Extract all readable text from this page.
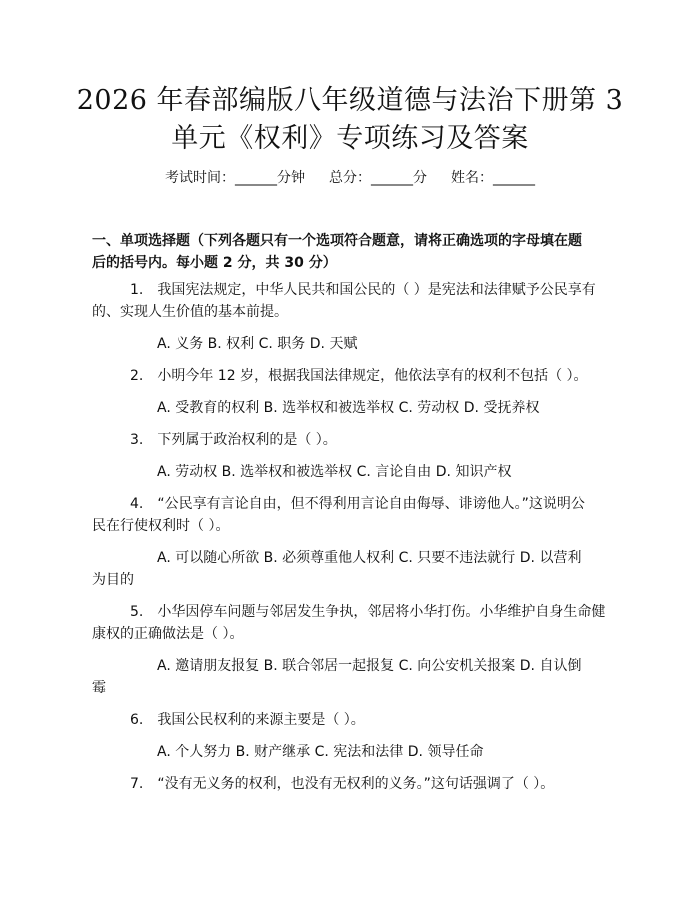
2026 年春部编版八年级道德与法治下册第 3
单元《权利》专项练习及答案
考试时间：______分钟 总分：______分 姓名：______
一、单项选择题（下列各题只有一个选项符合题意，请将正确选项的字母填在题
后的括号内。每小题 2 分，共 30 分）
1.　我国宪法规定，中华人民共和国公民的（ ）是宪法和法律赋予公民享有
的、实现人生价值的基本前提。
A. 义务 B. 权利 C. 职务 D. 天赋
2.　小明今年 12 岁，根据我国法律规定，他依法享有的权利不包括（ ）。
A. 受教育的权利 B. 选举权和被选举权 C. 劳动权 D. 受抚养权
3.　下列属于政治权利的是（ ）。
A. 劳动权 B. 选举权和被选举权 C. 言论自由 D. 知识产权
4.　“公民享有言论自由，但不得利用言论自由侮辱、诽谤他人。”这说明公
民在行使权利时（ ）。
A. 可以随心所欲 B. 必须尊重他人权利 C. 只要不违法就行 D. 以营利
为目的
5.　小华因停车问题与邻居发生争执，邻居将小华打伤。小华维护自身生命健
康权的正确做法是（ ）。
A. 邀请朋友报复 B. 联合邻居一起报复 C. 向公安机关报案 D. 自认倒
霉
6.　我国公民权利的来源主要是（ ）。
A. 个人努力 B. 财产继承 C. 宪法和法律 D. 领导任命
7.　“没有无义务的权利，也没有无权利的义务。”这句话强调了（ ）。
